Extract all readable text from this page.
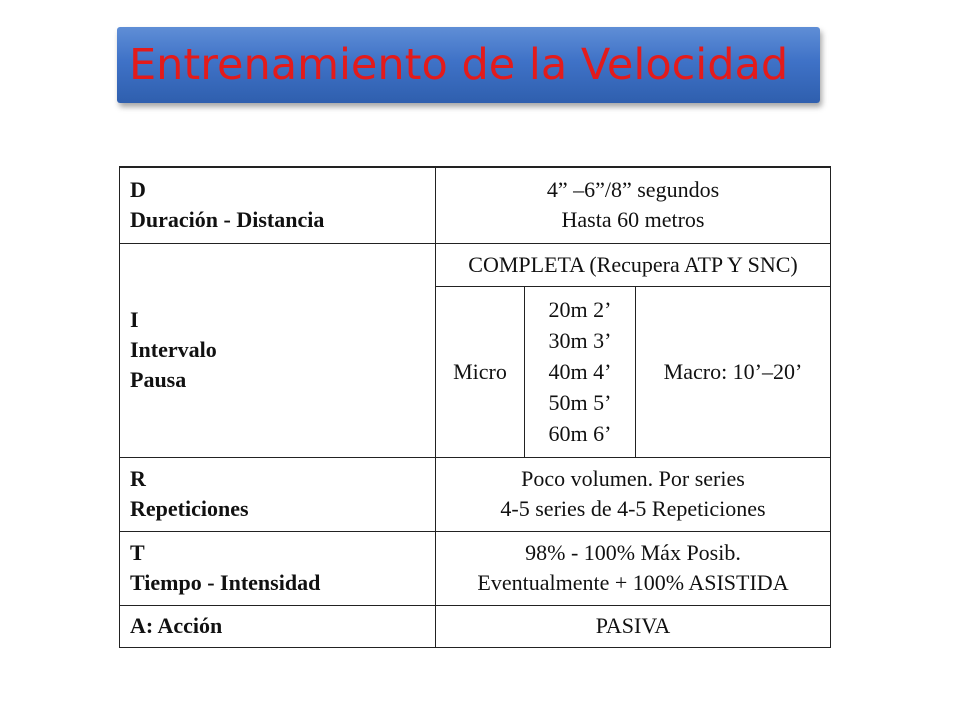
Entrenamiento de la Velocidad
D
Duración - Distancia	4” –6”/8” segundos
Hasta 60 metros		

I
Intervalo
Pausa	COMPLETA (Recupera ATP Y SNC)		
	Micro	20m 2’
30m 3’
40m 4’
50m 5’
60m 6’	Macro: 10’–20’

R
Repeticiones	Poco volumen. Por series
4-5 series de 4-5 Repeticiones		

T
Tiempo - Intensidad	98% - 100% Máx Posib.
Eventualmente + 100% ASISTIDA		

A: Acción	PASIVA		
